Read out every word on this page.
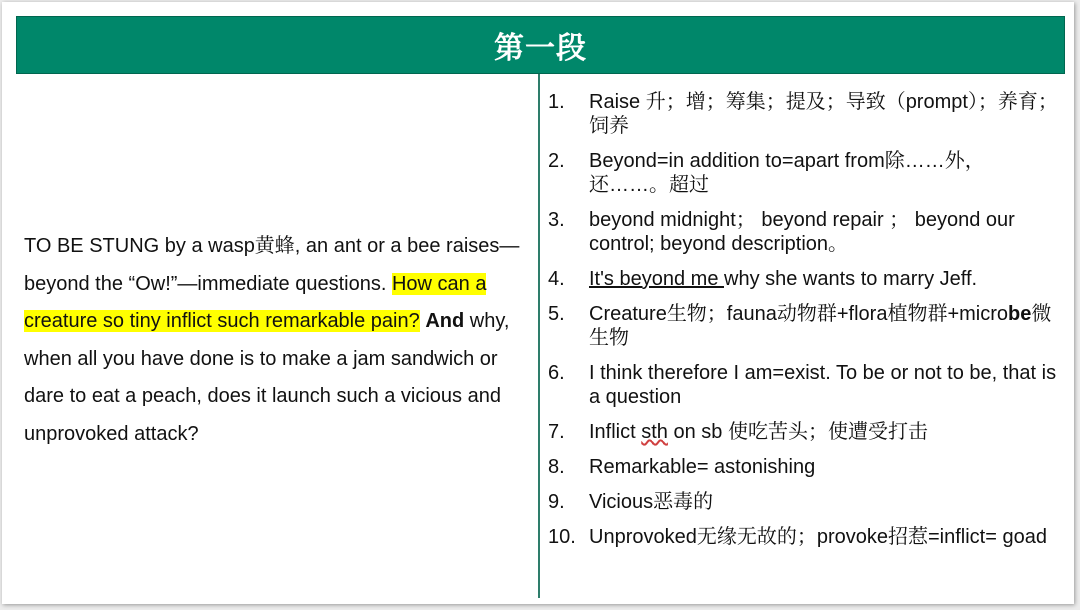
第一段
TO BE STUNG by a wasp黄蜂, an ant or a bee raises—beyond the “Ow!”—immediate questions. How can a creature so tiny inflict such remarkable pain? And why, when all you have done is to make a jam sandwich or dare to eat a peach, does it launch such a vicious and unprovoked attack?
1.	Raise 升；增；筹集；提及；导致（prompt）；养育；饲养
2.	Beyond=in addition to=apart from除……外，还……。超过
3.	beyond midnight； beyond repair ； beyond our control; beyond description。
4.	It's beyond me why she wants to marry Jeff.
5.	Creature生物；fauna动物群+flora植物群+microbe微生物
6.	I think therefore I am=exist. To be or not to be, that is a question
7.	Inflict sth on sb 使吃苦头；使遭受打击
8.	Remarkable= astonishing
9.	Vicious恶毒的
10. Unprovoked无缘无故的；provoke招惹=inflict= goad
